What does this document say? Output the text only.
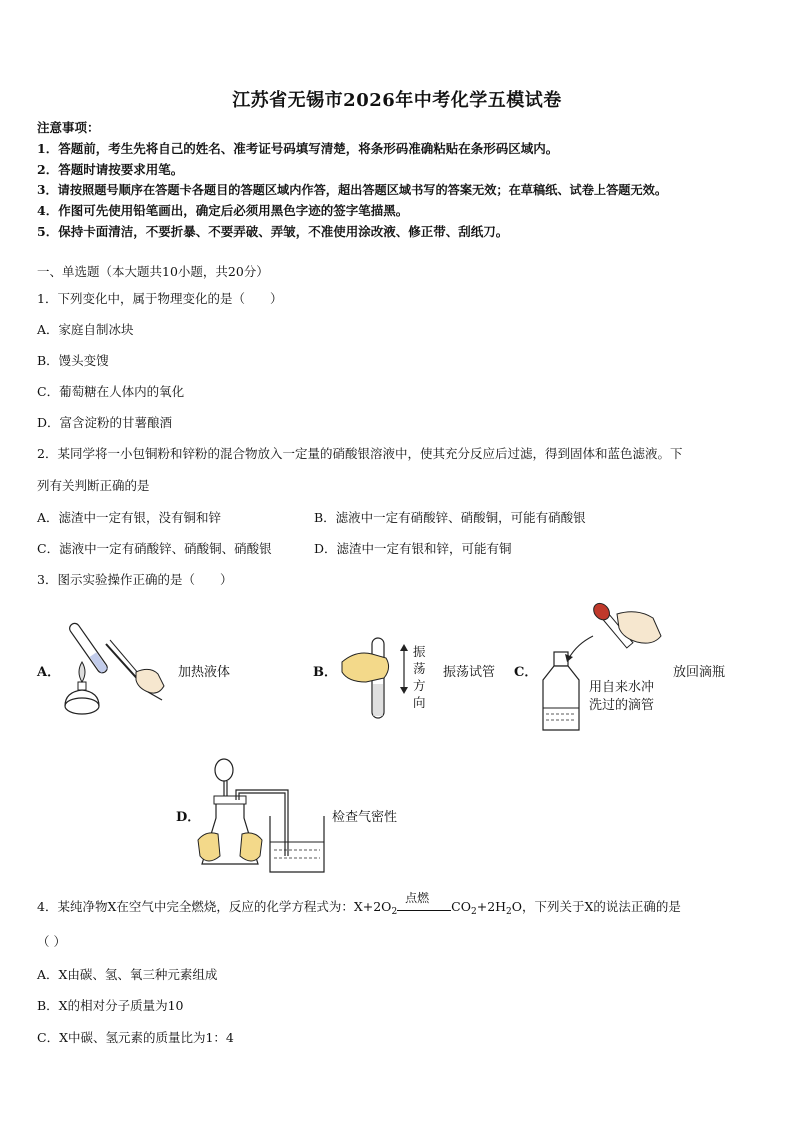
江苏省无锡市2026年中考化学五模试卷
注意事项：
1．答题前，考生先将自己的姓名、准考证号码填写清楚，将条形码准确粘贴在条形码区域内。
2．答题时请按要求用笔。
3．请按照题号顺序在答题卡各题目的答题区域内作答，超出答题区域书写的答案无效；在草稿纸、试卷上答题无效。
4．作图可先使用铅笔画出，确定后必须用黑色字迹的签字笔描黑。
5．保持卡面清洁，不要折暴、不要弄破、弄皱，不准使用涂改液、修正带、刮纸刀。
一、单选题（本大题共10小题，共20分）
1．下列变化中，属于物理变化的是（　　）
A．家庭自制冰块
B．馒头变馊
C．葡萄糖在人体内的氧化
D．富含淀粉的甘薯酿酒
2．某同学将一小包铜粉和锌粉的混合物放入一定量的硝酸银溶液中，使其充分反应后过滤，得到固体和蓝色滤液。下
列有关判断正确的是
A．滤渣中一定有银，没有铜和锌	B．滤液中一定有硝酸锌、硝酸铜，可能有硝酸银
C．滤液中一定有硝酸锌、硝酸铜、硝酸银	D．滤渣中一定有银和锌，可能有铜
3．图示实验操作正确的是（　　）
A．	加热液体	B．
振
荡
方
向
振荡试管 C．
用自来水冲
洗过的滴管
放回滴瓶
D．	检查气密性
4．某纯净物X在空气中完全燃烧，反应的化学方程式为：$X+2O_2$
点燃
$CO_2+2H_2O$，下列关于X的说法正确的是
（ ）
A．X由碳、氢、氧三种元素组成
B．X的相对分子质量为10
C．X中碳、氢元素的质量比为1：4
